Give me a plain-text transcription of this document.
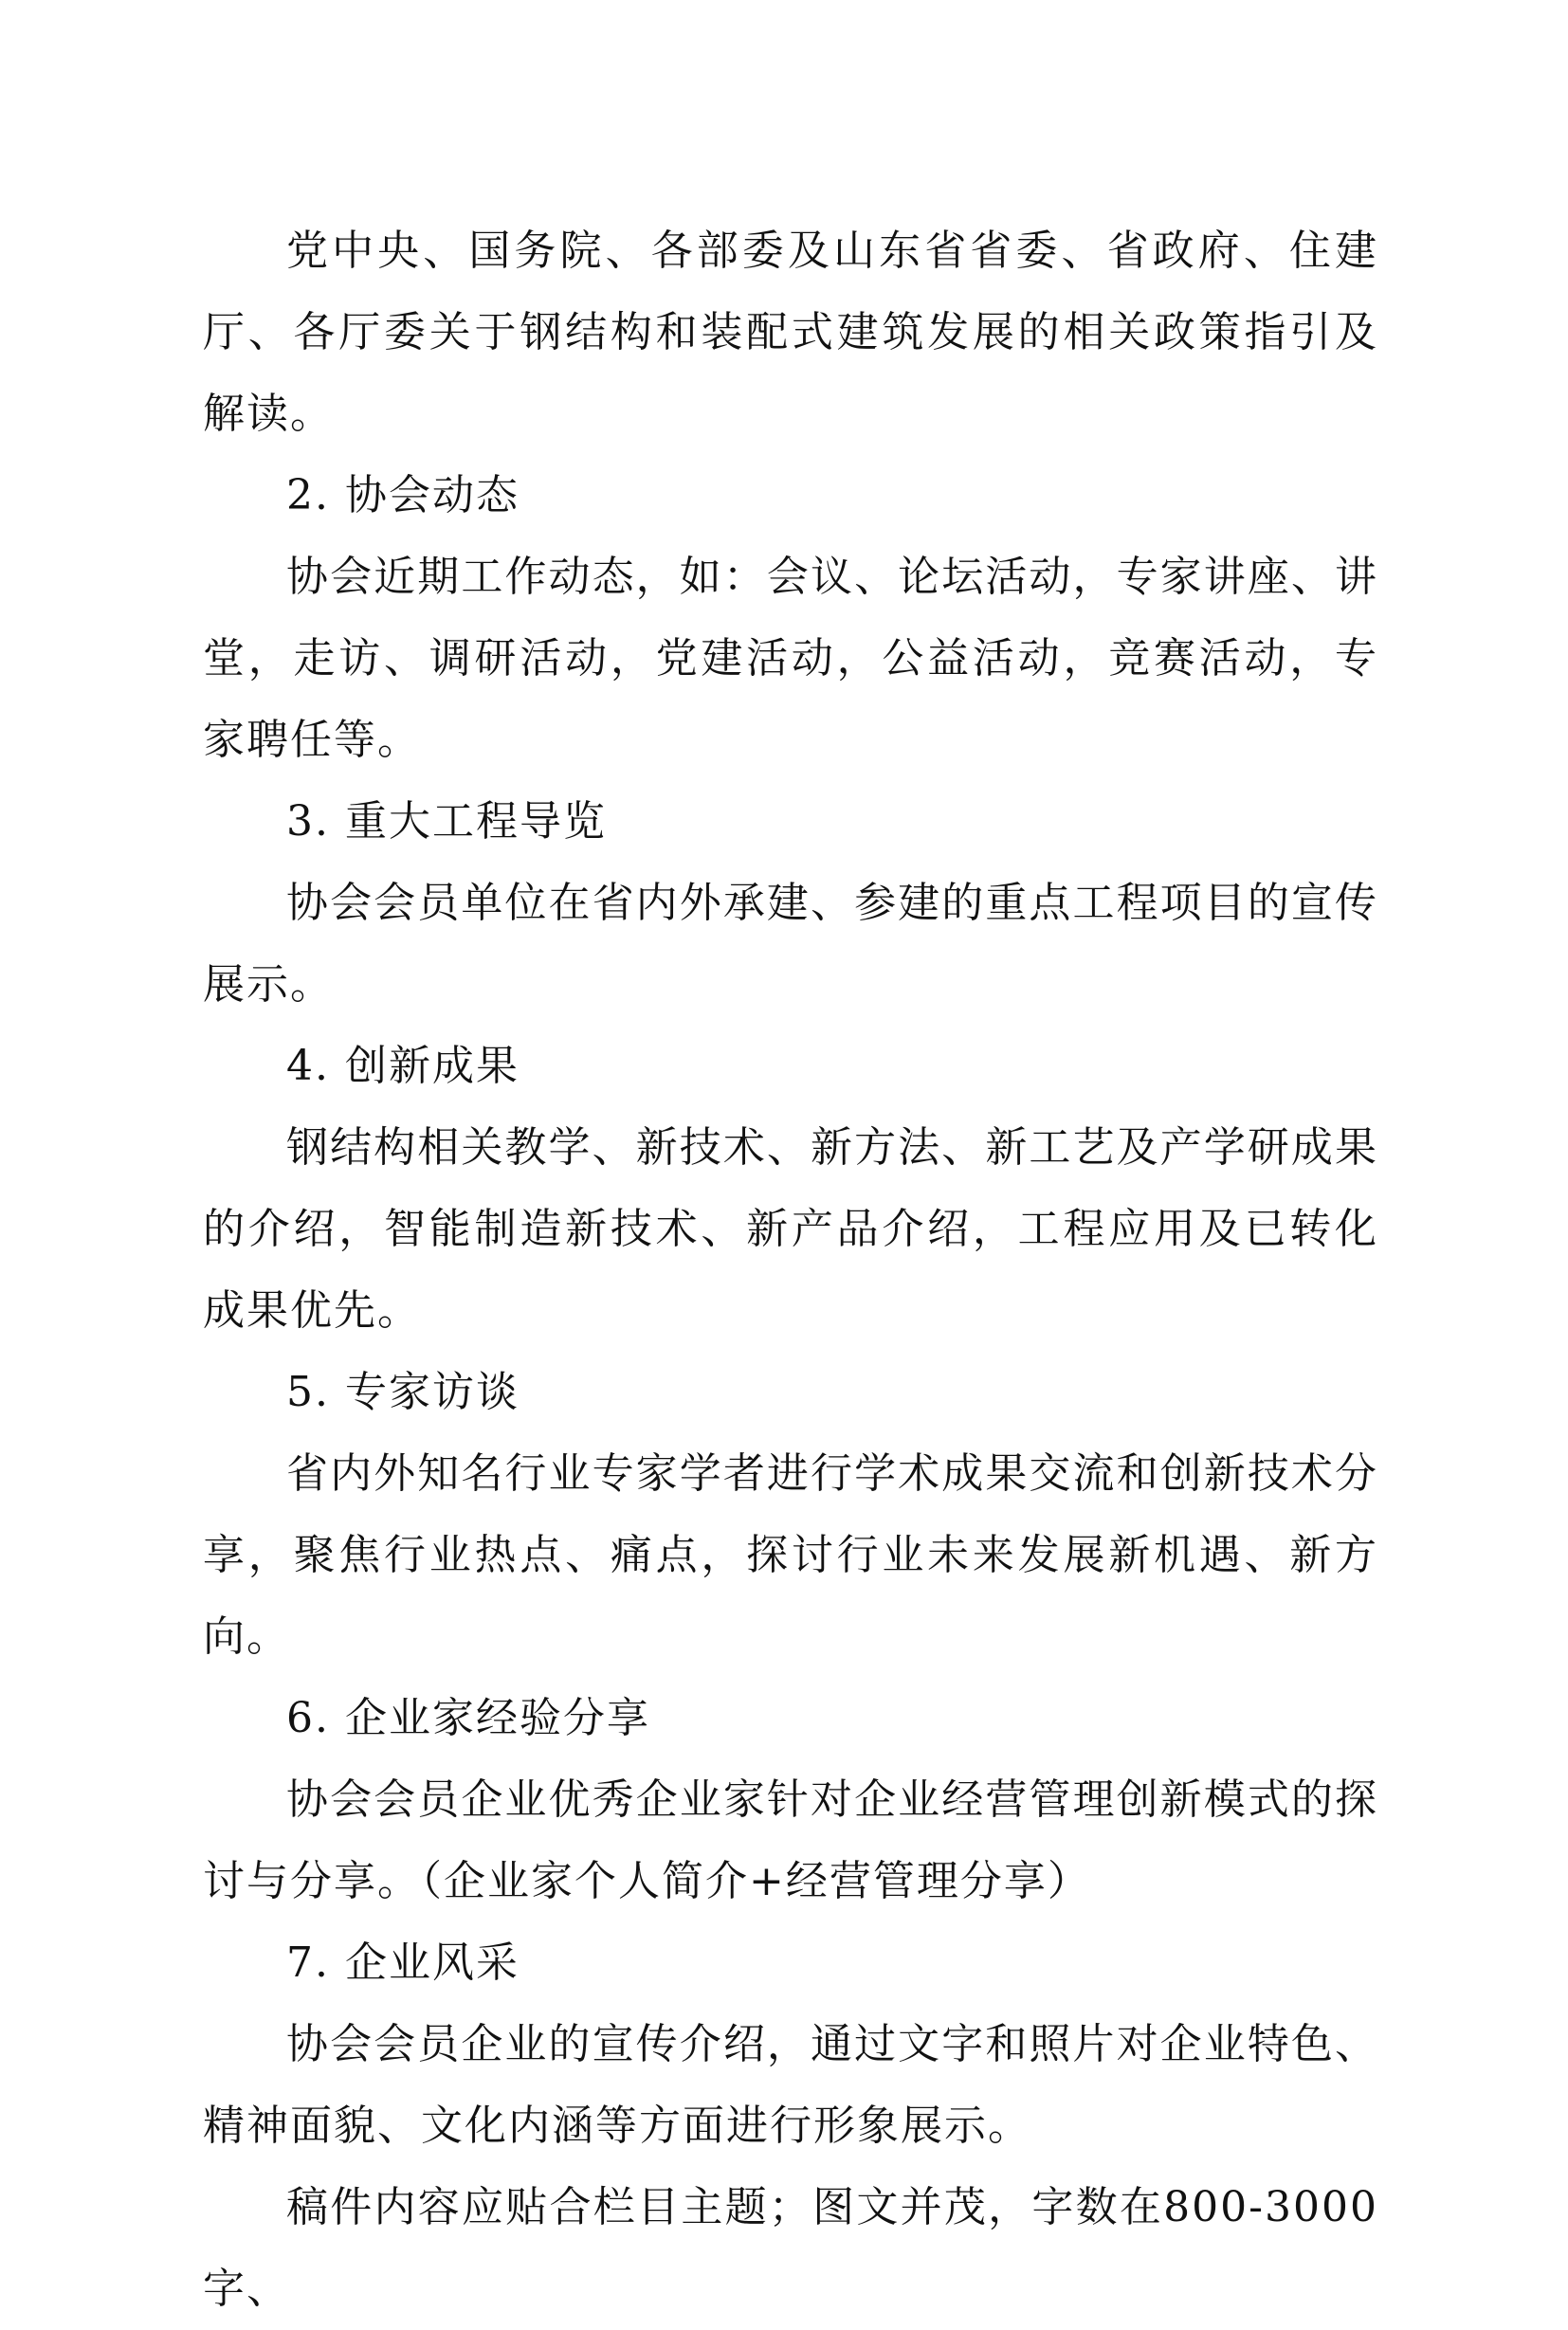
党中央、国务院、各部委及山东省省委、省政府、住建厅、各厅委关于钢结构和装配式建筑发展的相关政策指引及解读。

2. 协会动态

协会近期工作动态，如：会议、论坛活动，专家讲座、讲堂，走访、调研活动，党建活动，公益活动，竞赛活动，专家聘任等。

3. 重大工程导览

协会会员单位在省内外承建、参建的重点工程项目的宣传展示。

4. 创新成果

钢结构相关教学、新技术、新方法、新工艺及产学研成果的介绍，智能制造新技术、新产品介绍，工程应用及已转化成果优先。

5. 专家访谈

省内外知名行业专家学者进行学术成果交流和创新技术分享，聚焦行业热点、痛点，探讨行业未来发展新机遇、新方向。

6. 企业家经验分享

协会会员企业优秀企业家针对企业经营管理创新模式的探讨与分享。（企业家个人简介+经营管理分享）

7. 企业风采

协会会员企业的宣传介绍，通过文字和照片对企业特色、精神面貌、文化内涵等方面进行形象展示。

稿件内容应贴合栏目主题；图文并茂，字数在800-3000字、
